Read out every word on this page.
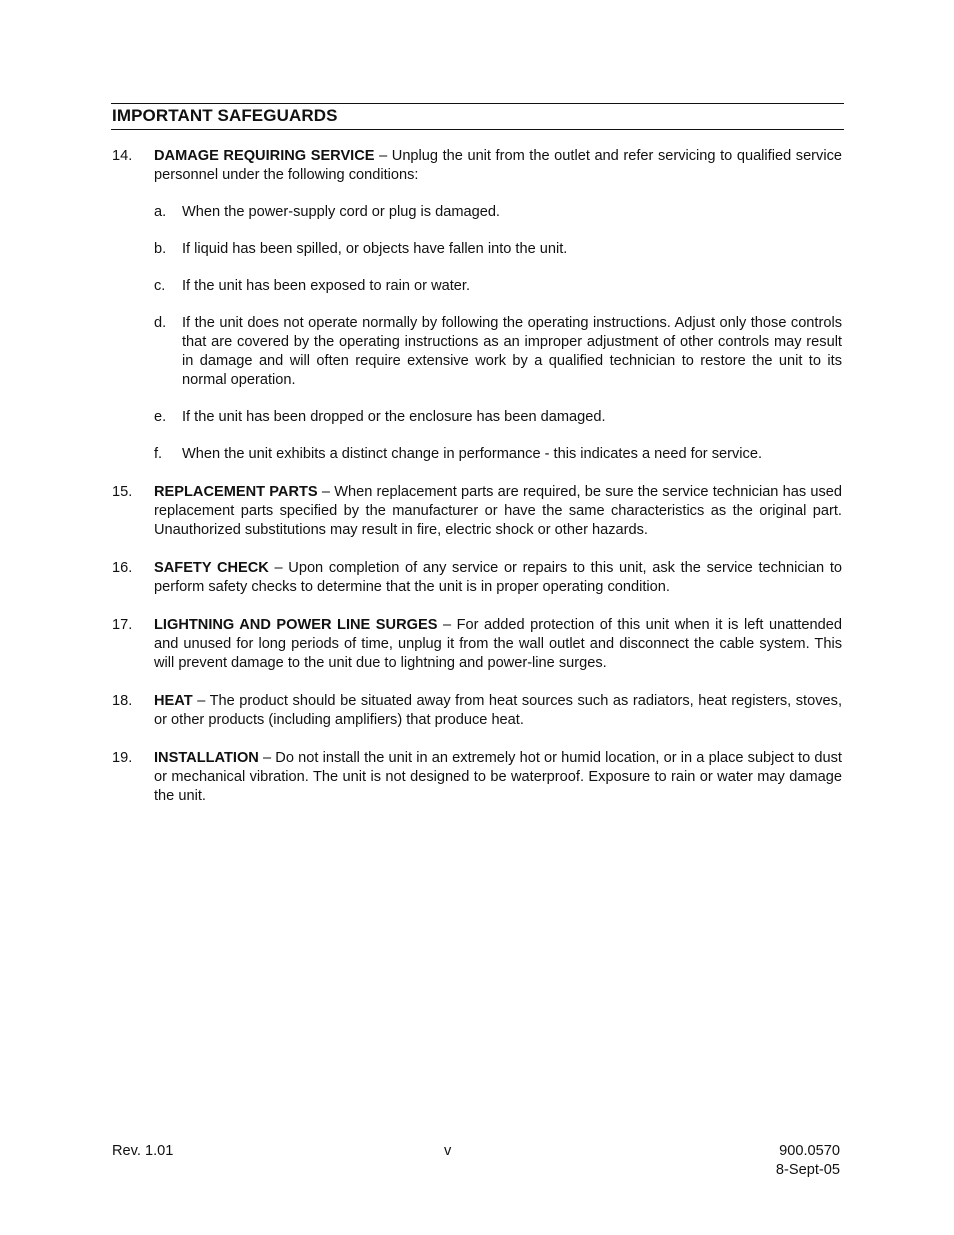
IMPORTANT SAFEGUARDS
14. DAMAGE REQUIRING SERVICE – Unplug the unit from the outlet and refer servicing to qualified service personnel under the following conditions:
a. When the power-supply cord or plug is damaged.
b. If liquid has been spilled, or objects have fallen into the unit.
c. If the unit has been exposed to rain or water.
d. If the unit does not operate normally by following the operating instructions. Adjust only those controls that are covered by the operating instructions as an improper adjustment of other controls may result in damage and will often require extensive work by a qualified technician to restore the unit to its normal operation.
e. If the unit has been dropped or the enclosure has been damaged.
f. When the unit exhibits a distinct change in performance - this indicates a need for service.
15. REPLACEMENT PARTS – When replacement parts are required, be sure the service technician has used replacement parts specified by the manufacturer or have the same characteristics as the original part. Unauthorized substitutions may result in fire, electric shock or other hazards.
16. SAFETY CHECK – Upon completion of any service or repairs to this unit, ask the service technician to perform safety checks to determine that the unit is in proper operating condition.
17. LIGHTNING AND POWER LINE SURGES – For added protection of this unit when it is left unattended and unused for long periods of time, unplug it from the wall outlet and disconnect the cable system. This will prevent damage to the unit due to lightning and power-line surges.
18. HEAT – The product should be situated away from heat sources such as radiators, heat registers, stoves, or other products (including amplifiers) that produce heat.
19. INSTALLATION – Do not install the unit in an extremely hot or humid location, or in a place subject to dust or mechanical vibration. The unit is not designed to be waterproof. Exposure to rain or water may damage the unit.
Rev. 1.01	v	900.0570
8-Sept-05
